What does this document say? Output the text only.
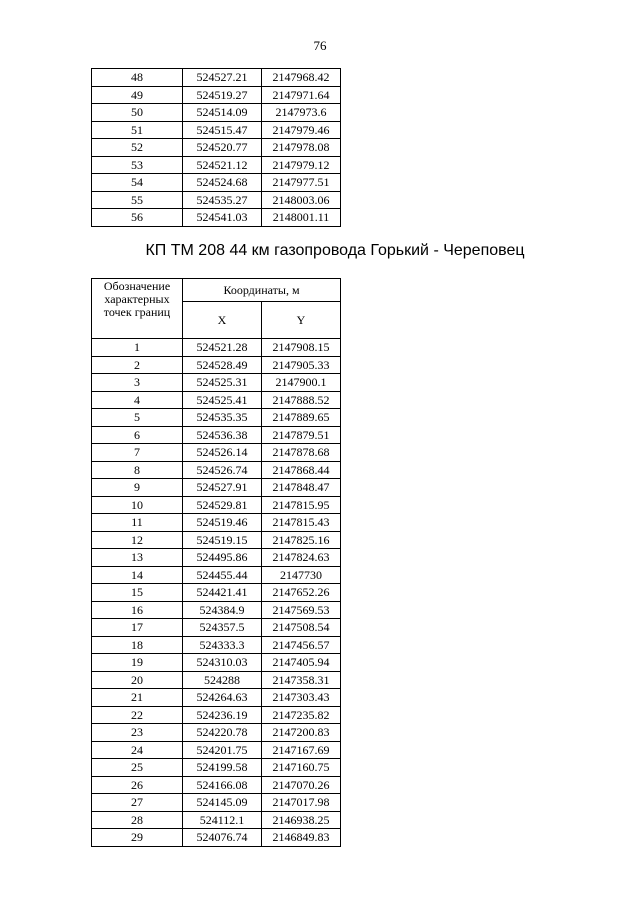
76
48	524527.21	2147968.42
49	524519.27	2147971.64
50	524514.09	2147973.6
51	524515.47	2147979.46
52	524520.77	2147978.08
53	524521.12	2147979.12
54	524524.68	2147977.51
55	524535.27	2148003.06
56	524541.03	2148001.11
КП ТМ 208 44 км газопровода Горький - Череповец
Обозначение характерных точек границ	Координаты, м	
	X	Y
1	524521.28	2147908.15
2	524528.49	2147905.33
3	524525.31	2147900.1
4	524525.41	2147888.52
5	524535.35	2147889.65
6	524536.38	2147879.51
7	524526.14	2147878.68
8	524526.74	2147868.44
9	524527.91	2147848.47
10	524529.81	2147815.95
11	524519.46	2147815.43
12	524519.15	2147825.16
13	524495.86	2147824.63
14	524455.44	2147730
15	524421.41	2147652.26
16	524384.9	2147569.53
17	524357.5	2147508.54
18	524333.3	2147456.57
19	524310.03	2147405.94
20	524288	2147358.31
21	524264.63	2147303.43
22	524236.19	2147235.82
23	524220.78	2147200.83
24	524201.75	2147167.69
25	524199.58	2147160.75
26	524166.08	2147070.26
27	524145.09	2147017.98
28	524112.1	2146938.25
29	524076.74	2146849.83
